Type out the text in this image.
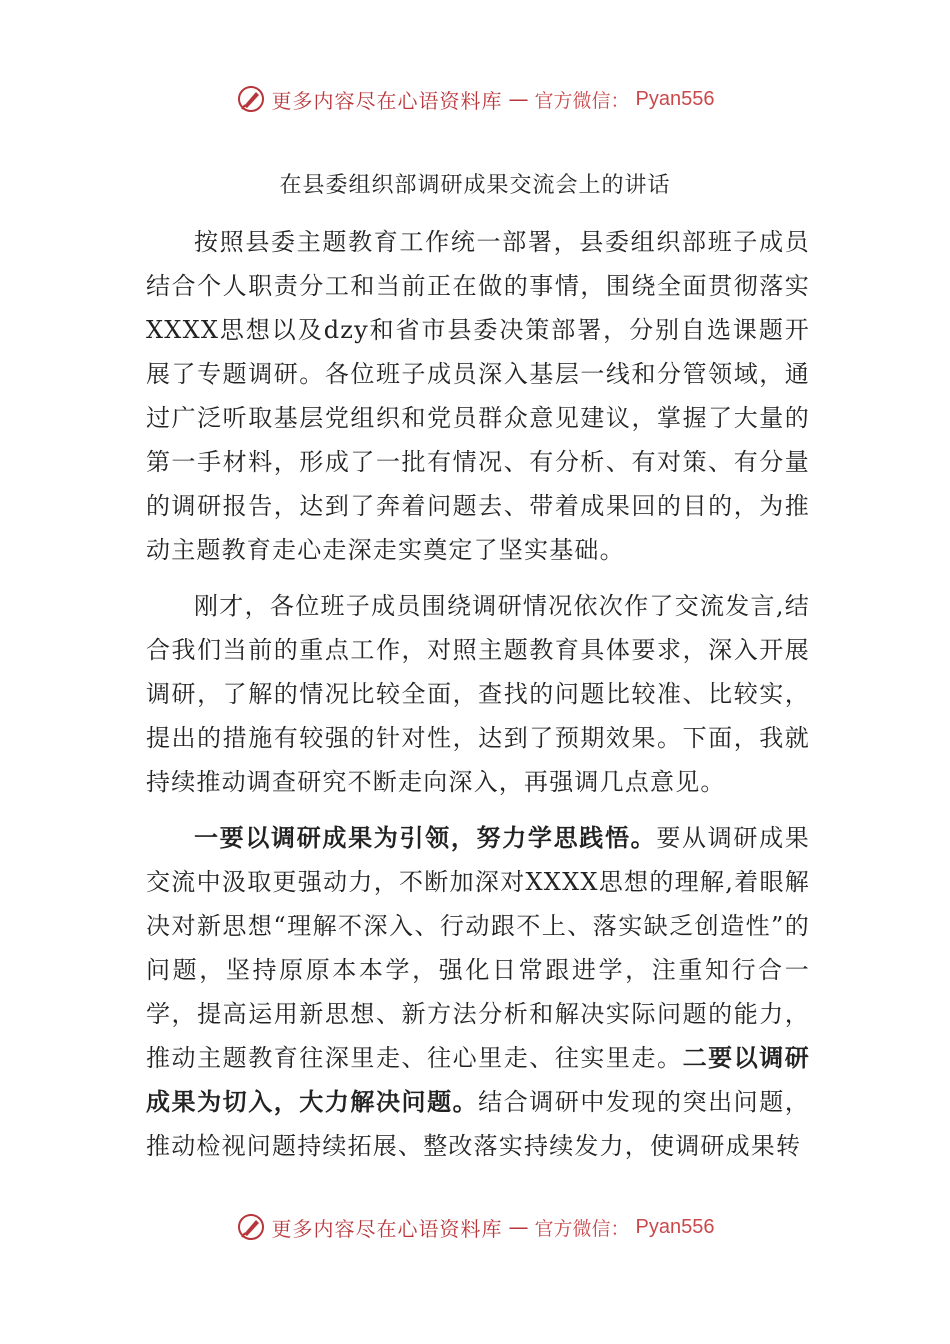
更多内容尽在心语资料库 — 官方微信： Pyan556
在县委组织部调研成果交流会上的讲话

按照县委主题教育工作统一部署，县委组织部班子成员结合个人职责分工和当前正在做的事情，围绕全面贯彻落实XXXX思想以及dzy和省市县委决策部署，分别自选课题开展了专题调研。各位班子成员深入基层一线和分管领域，通过广泛听取基层党组织和党员群众意见建议，掌握了大量的第一手材料，形成了一批有情况、有分析、有对策、有分量的调研报告，达到了奔着问题去、带着成果回的目的，为推动主题教育走心走深走实奠定了坚实基础。

刚才，各位班子成员围绕调研情况依次作了交流发言,结合我们当前的重点工作，对照主题教育具体要求，深入开展调研，了解的情况比较全面，查找的问题比较准、比较实，提出的措施有较强的针对性，达到了预期效果。下面，我就持续推动调查研究不断走向深入，再强调几点意见。

一要以调研成果为引领，努力学思践悟。要从调研成果交流中汲取更强动力，不断加深对XXXX思想的理解,着眼解决对新思想“理解不深入、行动跟不上、落实缺乏创造性”的问题，坚持原原本本学，强化日常跟进学，注重知行合一学，提高运用新思想、新方法分析和解决实际问题的能力，推动主题教育往深里走、往心里走、往实里走。二要以调研成果为切入，大力解决问题。结合调研中发现的突出问题，推动检视问题持续拓展、整改落实持续发力，使调研成果转

更多内容尽在心语资料库 — 官方微信： Pyan556
